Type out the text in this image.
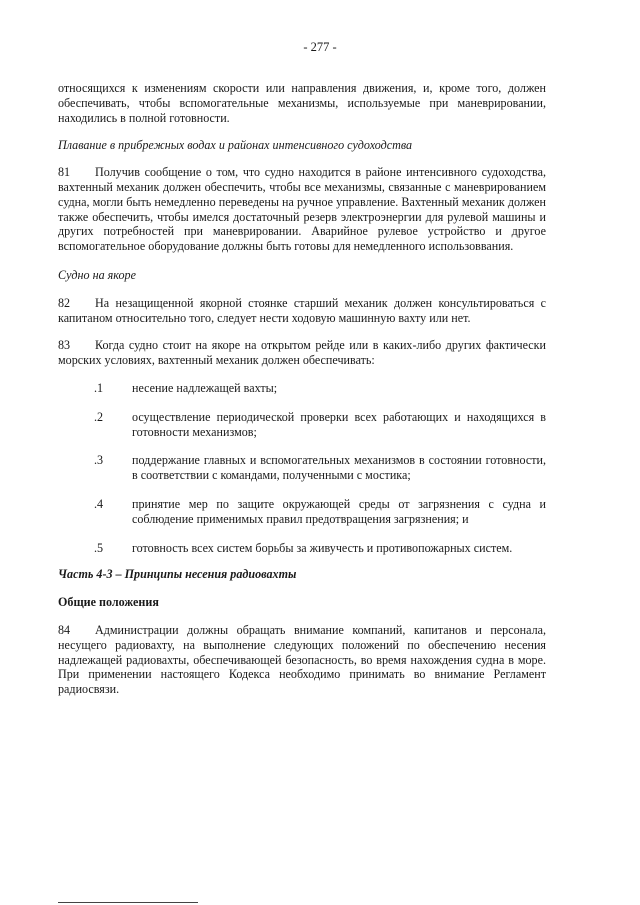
- 277 -

относящихся к изменениям скорости или направления движения, и, кроме того, должен обеспечивать, чтобы вспомогательные механизмы, используемые при маневрировании, находились в полной готовности.

Плавание в прибрежных водах и районах интенсивного судоходства

81 Получив сообщение о том, что судно находится в районе интенсивного судоходства, вахтенный механик должен обеспечить, чтобы все механизмы, связанные с маневрированием судна, могли быть немедленно переведены на ручное управление. Вахтенный механик должен также обеспечить, чтобы имелся достаточный резерв электроэнергии для рулевой машины и других потребностей при маневрировании. Аварийное рулевое устройство и другое вспомогательное оборудование должны быть готовы для немедленного использоввания.

Судно на якоре

82 На незащищенной якорной стоянке старший механик должен консультироваться с капитаном относительно того, следует нести ходовую машинную вахту или нет.

83 Когда судно стоит на якоре на открытом рейде или в каких-либо других фактически морских условиях, вахтенный механик должен обеспечивать:

.1	несение надлежащей вахты;
.2	осуществление периодической проверки всех работающих и находящихся в готовности механизмов;
.3	поддержание главных и вспомогательных механизмов в состоянии готовности, в соответствии с командами, полученными с мостика;
.4	принятие мер по защите окружающей среды от загрязнения с судна и соблюдение применимых правил предотвращения загрязнения; и
.5	готовность всех систем борьбы за живучесть и противопожарных систем.

Часть 4-3 – Принципы несения радиовахты

Общие положения

84 Администрации должны обращать внимание компаний, капитанов и персонала, несущего радиовахту, на выполнение следующих положений по обеспечению несения надлежащей радиовахты, обеспечивающей безопасность, во время нахождения судна в море. При применении настоящего Кодекса необходимо принимать во внимание Регламент радиосвязи.
